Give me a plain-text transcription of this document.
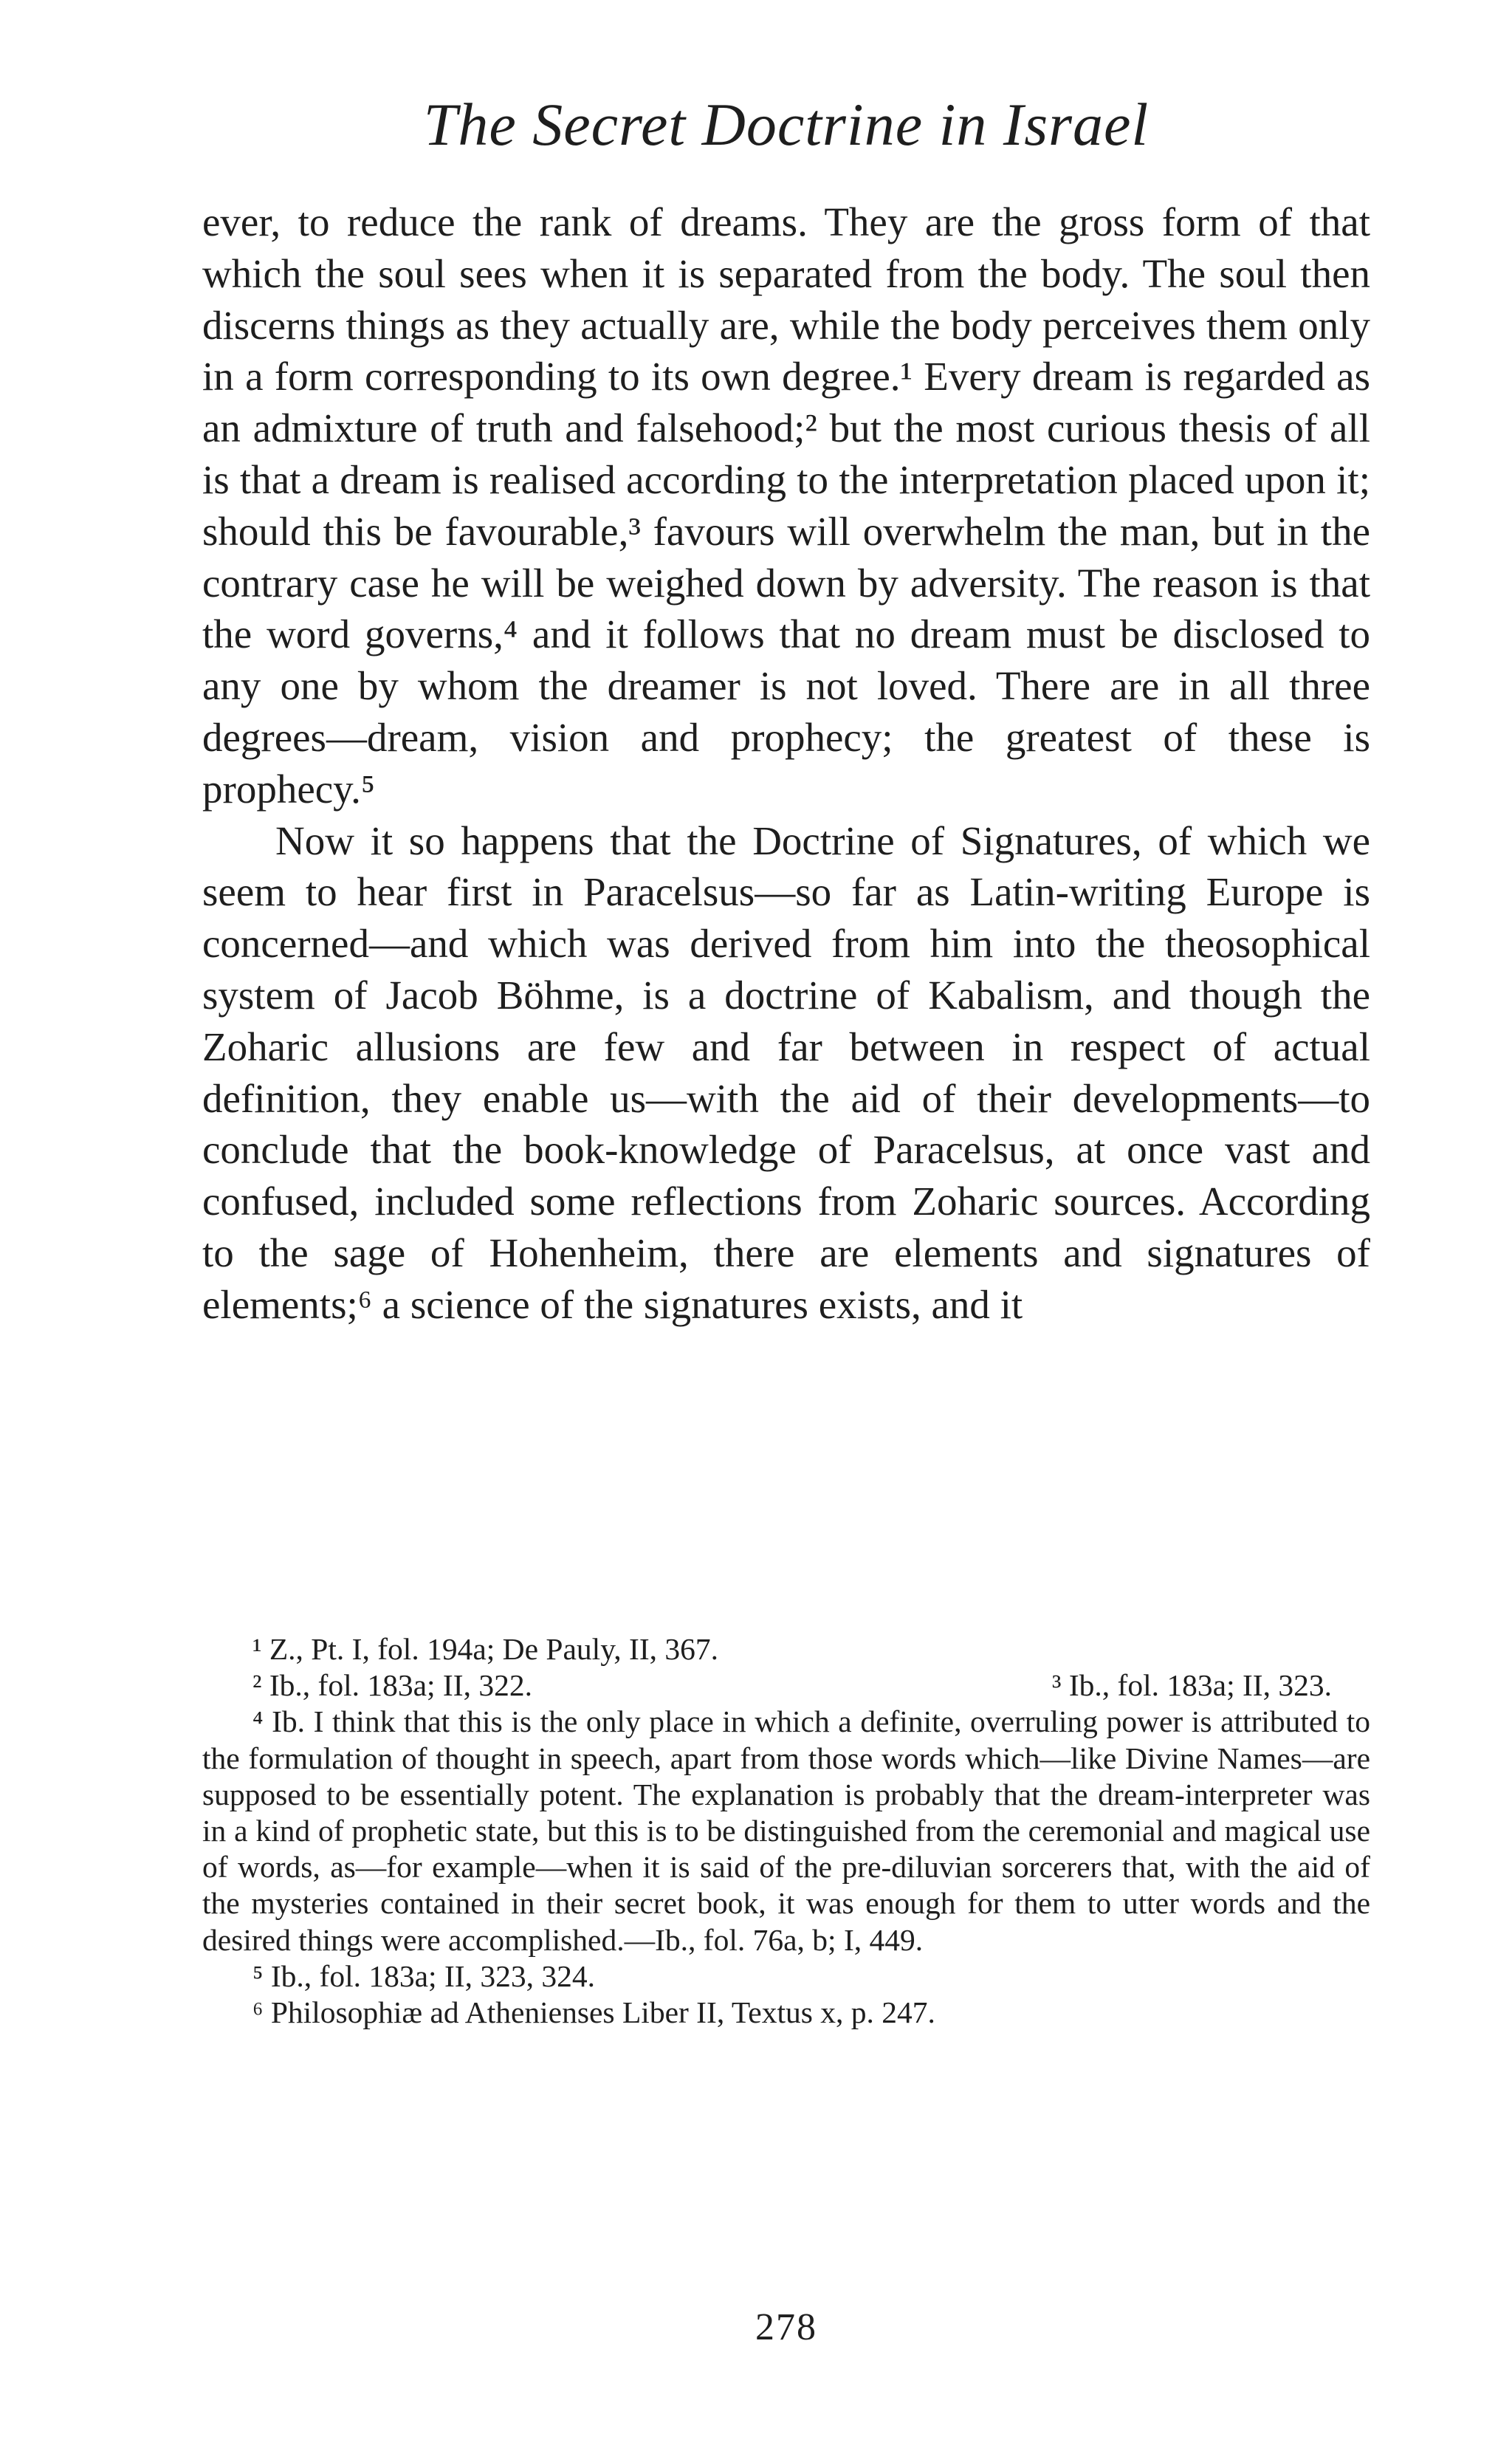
The Secret Doctrine in Israel

ever, to reduce the rank of dreams. They are the gross form of that which the soul sees when it is separated from the body. The soul then discerns things as they actually are, while the body perceives them only in a form corresponding to its own degree.¹ Every dream is regarded as an admixture of truth and falsehood;² but the most curious thesis of all is that a dream is realised according to the interpretation placed upon it; should this be favourable,³ favours will overwhelm the man, but in the contrary case he will be weighed down by adversity. The reason is that the word governs,⁴ and it follows that no dream must be disclosed to any one by whom the dreamer is not loved. There are in all three degrees—dream, vision and prophecy; the greatest of these is prophecy.⁵

Now it so happens that the Doctrine of Signatures, of which we seem to hear first in Paracelsus—so far as Latin-writing Europe is concerned—and which was derived from him into the theosophical system of Jacob Böhme, is a doctrine of Kabalism, and though the Zoharic allusions are few and far between in respect of actual definition, they enable us—with the aid of their developments—to conclude that the book-knowledge of Paracelsus, at once vast and confused, included some reflections from Zoharic sources. According to the sage of Hohenheim, there are elements and signatures of elements;⁶ a science of the signatures exists, and it

¹ Z., Pt. I, fol. 194a; De Pauly, II, 367.

² Ib., fol. 183a; II, 322.	³ Ib., fol. 183a; II, 323.

⁴ Ib. I think that this is the only place in which a definite, overruling power is attributed to the formulation of thought in speech, apart from those words which—like Divine Names—are supposed to be essentially potent. The explanation is probably that the dream-interpreter was in a kind of prophetic state, but this is to be distinguished from the ceremonial and magical use of words, as—for example—when it is said of the pre-diluvian sorcerers that, with the aid of the mysteries contained in their secret book, it was enough for them to utter words and the desired things were accomplished.—Ib., fol. 76a, b; I, 449.

⁵ Ib., fol. 183a; II, 323, 324.

⁶ Philosophiæ ad Athenienses Liber II, Textus x, p. 247.

278
